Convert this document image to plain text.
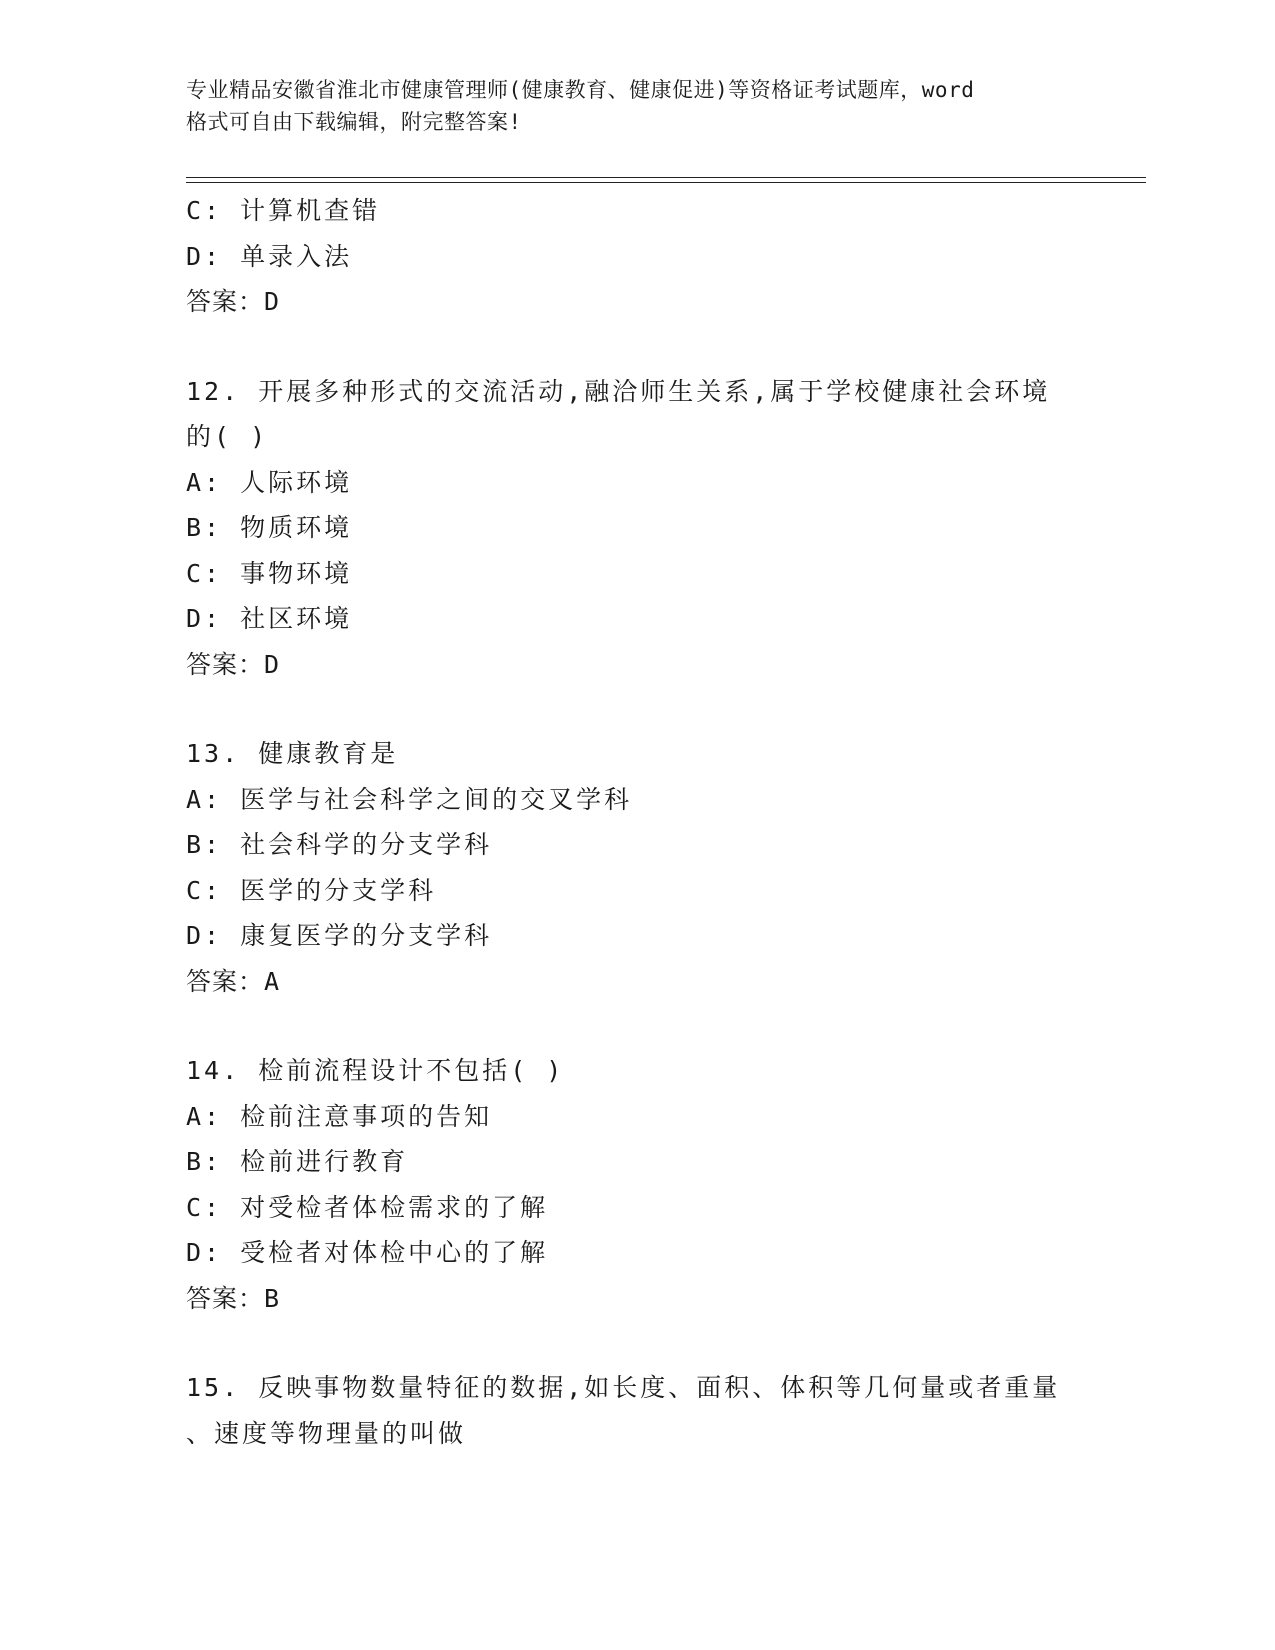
专业精品安徽省淮北市健康管理师(健康教育、健康促进)等资格证考试题库，word
格式可自由下载编辑，附完整答案!
C: 计算机查错
D: 单录入法
答案：D
12. 开展多种形式的交流活动,融洽师生关系,属于学校健康社会环境
的( )
A: 人际环境
B: 物质环境
C: 事物环境
D: 社区环境
答案：D
13. 健康教育是
A: 医学与社会科学之间的交叉学科
B: 社会科学的分支学科
C: 医学的分支学科
D: 康复医学的分支学科
答案：A
14. 检前流程设计不包括( )
A: 检前注意事项的告知
B: 检前进行教育
C: 对受检者体检需求的了解
D: 受检者对体检中心的了解
答案：B
15. 反映事物数量特征的数据,如长度、面积、体积等几何量或者重量
、速度等物理量的叫做
